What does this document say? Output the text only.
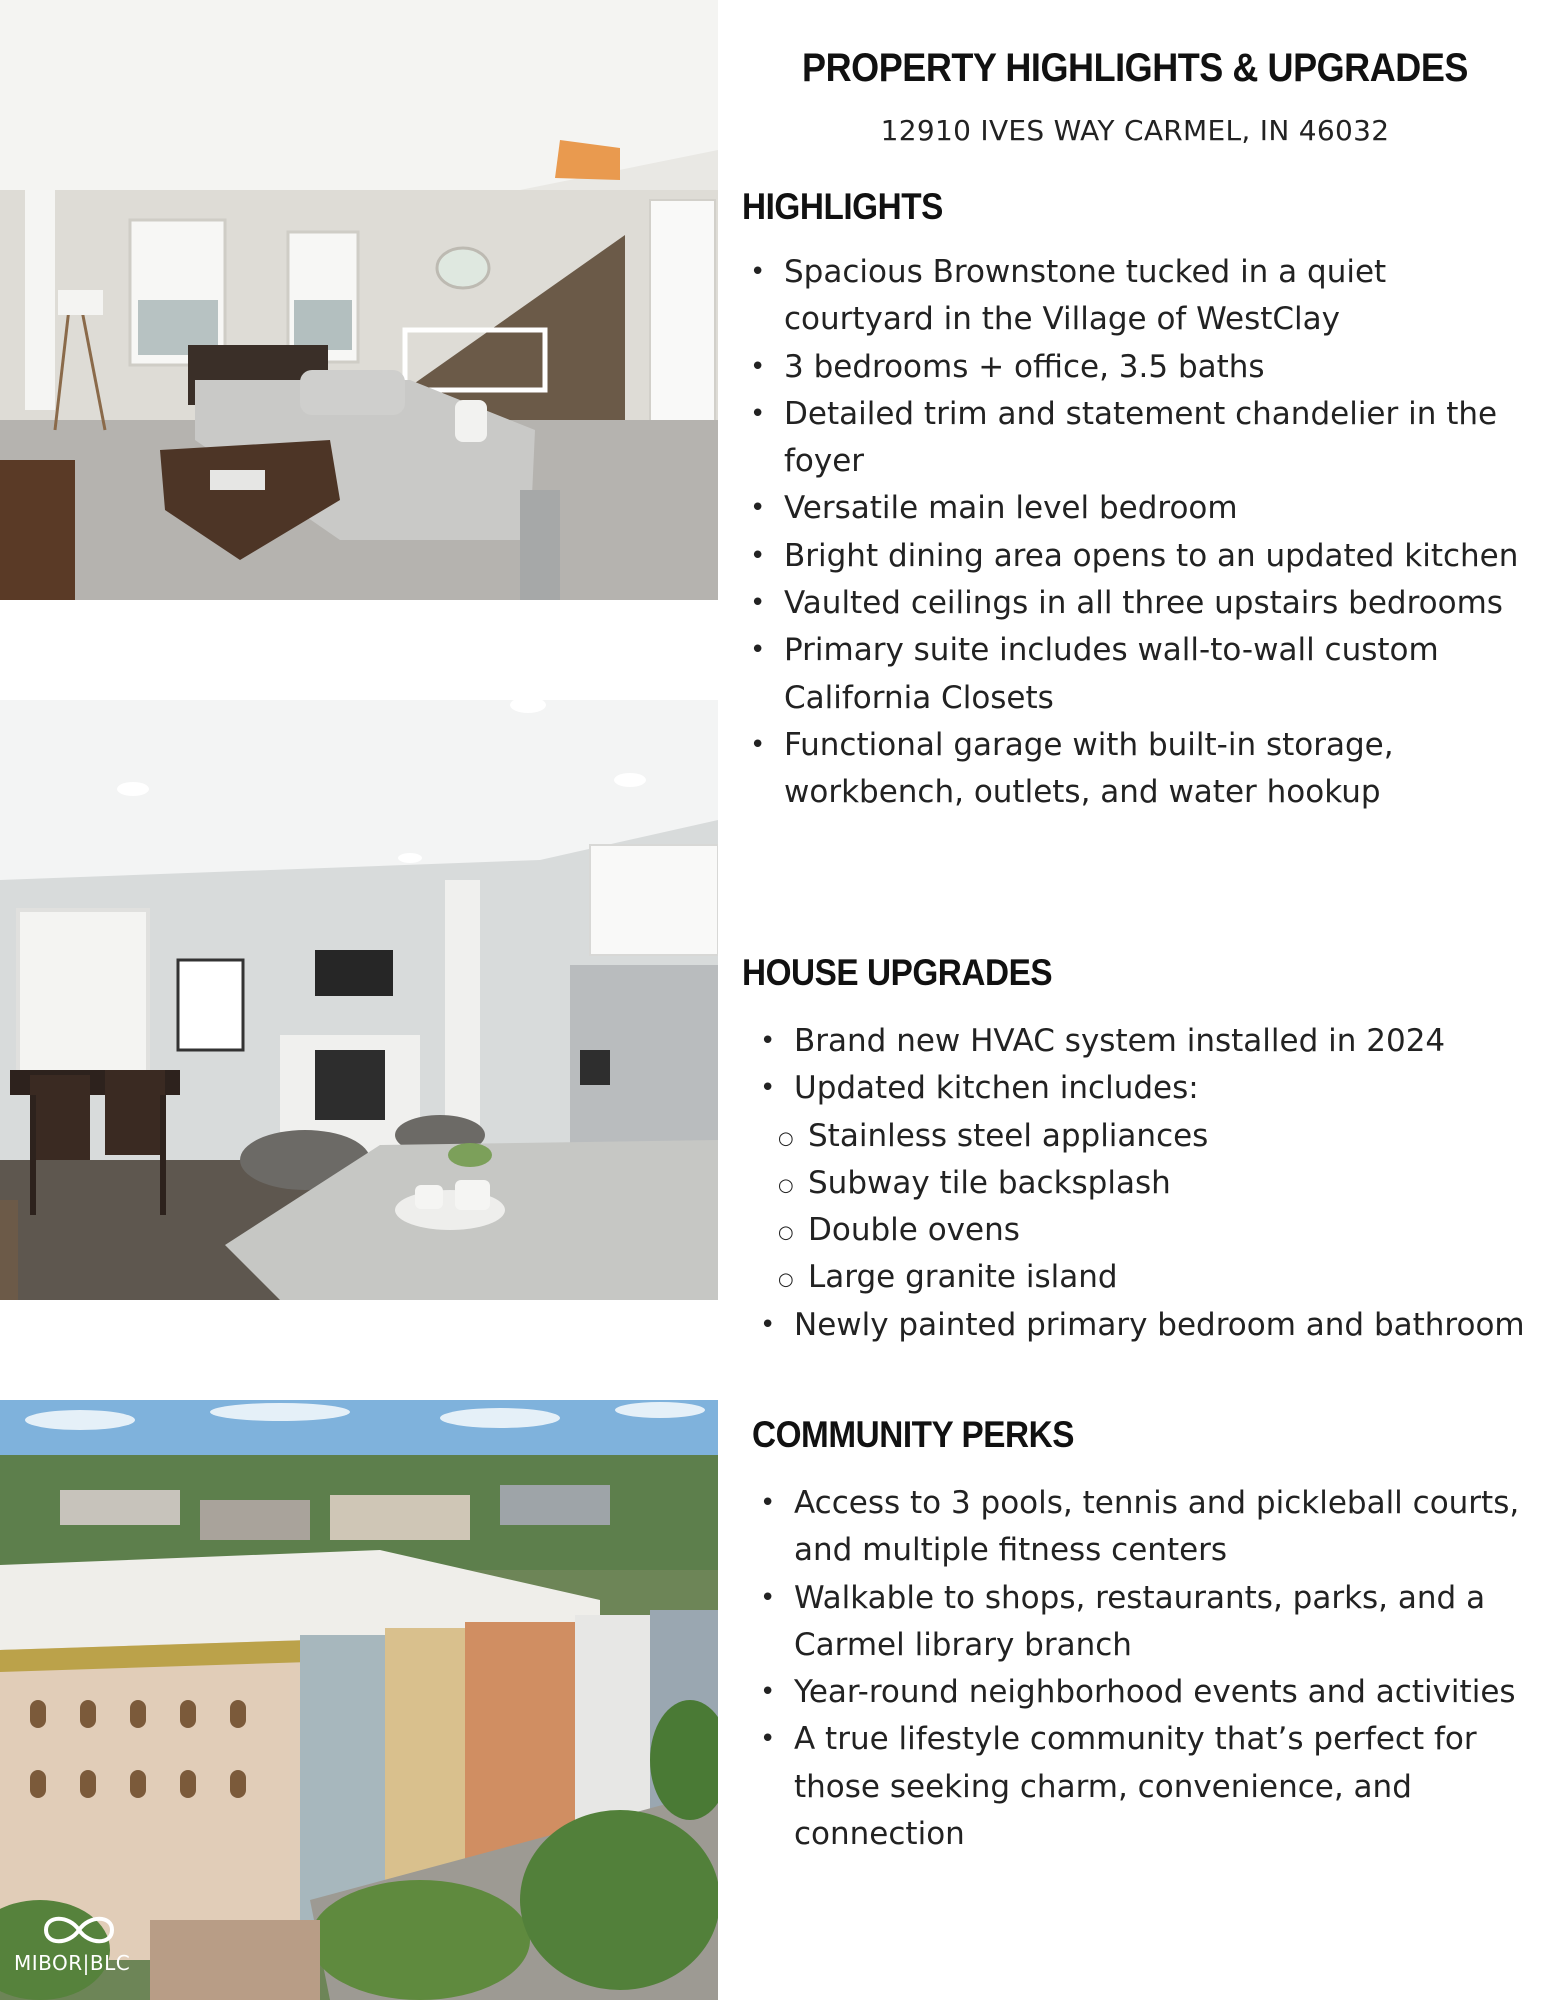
MIBOR|BLC
PROPERTY HIGHLIGHTS & UPGRADES

12910 IVES WAY CARMEL, IN 46032

HIGHLIGHTS
• Spacious Brownstone tucked in a quiet courtyard in the Village of WestClay
• 3 bedrooms + office, 3.5 baths
• Detailed trim and statement chandelier in the foyer
• Versatile main level bedroom
• Bright dining area opens to an updated kitchen
• Vaulted ceilings in all three upstairs bedrooms
• Primary suite includes wall-to-wall custom California Closets
• Functional garage with built-in storage, workbench, outlets, and water hookup
HOUSE UPGRADES
• Brand new HVAC system installed in 2024
• Updated kitchen includes:
○ Stainless steel appliances
○ Subway tile backsplash
○ Double ovens
○ Large granite island
• Newly painted primary bedroom and bathroom
COMMUNITY PERKS
• Access to 3 pools, tennis and pickleball courts, and multiple fitness centers
• Walkable to shops, restaurants, parks, and a Carmel library branch
• Year-round neighborhood events and activities
• A true lifestyle community that’s perfect for those seeking charm, convenience, and connection
